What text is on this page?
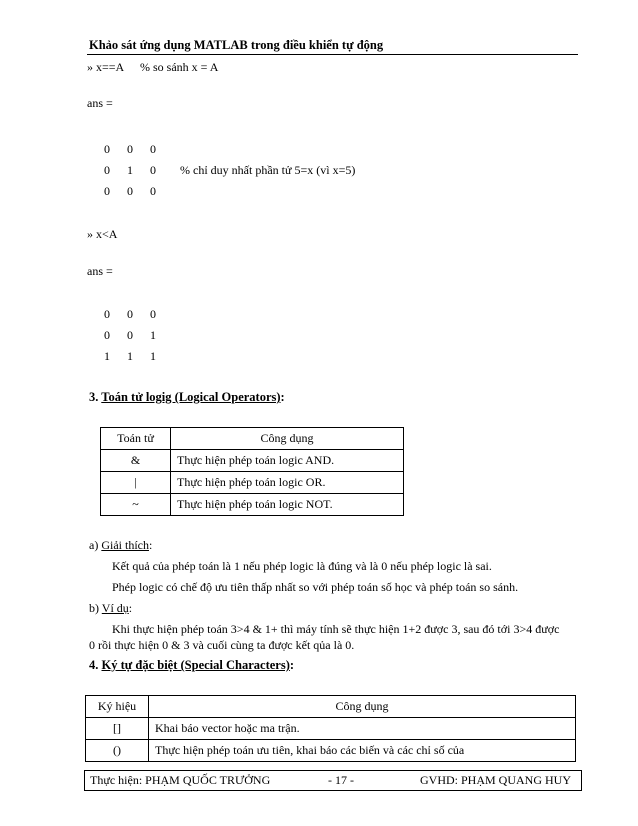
Khảo sát ứng dụng MATLAB trong điều khiển tự động
» x==A % so sánh x = A
ans =
0 0 0
0 1 0 % chỉ duy nhất phần tử 5=x (vì x=5)
0 0 0
» x<A
ans =
0 0 0
0 0 1
1 1 1
3. Toán tử logig (Logical Operators):
Toán tử	Công dụng
&	Thực hiện phép toán logic AND.
|	Thực hiện phép toán logic OR.
~	Thực hiện phép toán logic NOT.
a) Giải thích:
Kết quả của phép toán là 1 nếu phép logic là đúng và là 0 nếu phép logic là sai.
Phép logic có chế độ ưu tiên thấp nhất so với phép toán số học và phép toán so sánh.
b) Ví dụ:
Khi thực hiện phép toán 3>4 & 1+ thì máy tính sẽ thực hiện 1+2 được 3, sau đó tới 3>4 được
0 rồi thực hiện 0 & 3 và cuối cùng ta được kết qủa là 0.
4. Ký tự đặc biệt (Special Characters):
Ký hiệu	Công dụng
[]	Khai báo vector hoặc ma trận.
()	Thực hiện phép toán ưu tiên, khai báo các biến và các chỉ số của
Thực hiện: PHẠM QUỐC TRƯỞNG	- 17 -	GVHD: PHẠM QUANG HUY
